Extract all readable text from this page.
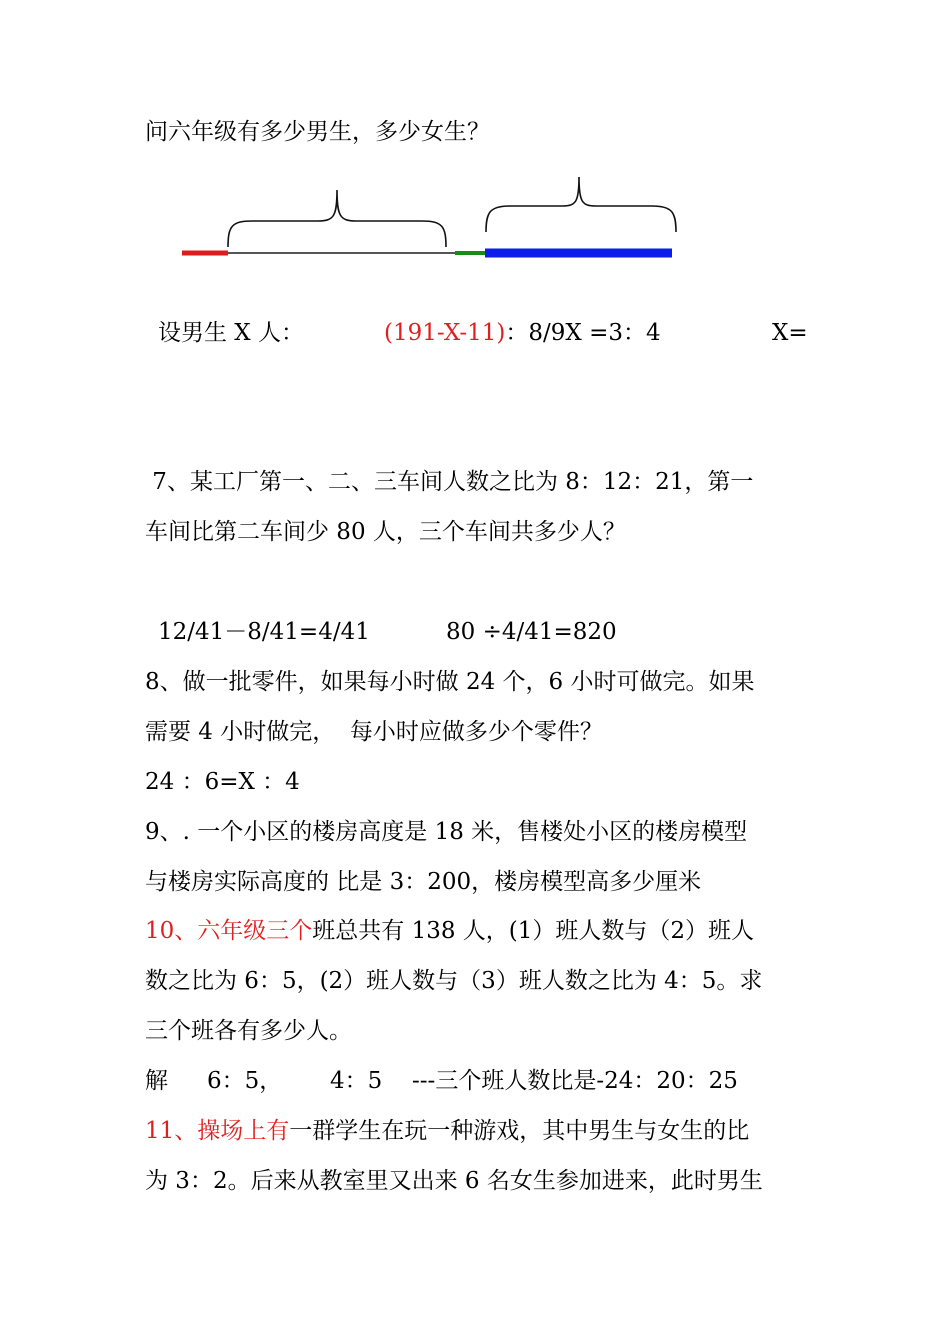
问六年级有多少男生，多少女生？
设男生 X 人：	(191-X-11)：8/9X =3：4	X=
7、某工厂第一、二、三车间人数之比为 8：12：21，第一
车间比第二车间少 80 人，三个车间共多少人？
12/41－8/41=4/41	80 ÷4/41=820
8、做一批零件，如果每小时做 24 个，6 小时可做完。如果
需要 4 小时做完，  每小时应做多少个零件？
24 ：6=X ：4
9、. 一个小区的楼房高度是 18 米，售楼处小区的楼房模型
与楼房实际高度的 比是 3：200，楼房模型高多少厘米
10、六年级三个班总共有 138 人，(1）班人数与（2）班人
数之比为 6：5，(2）班人数与（3）班人数之比为 4：5。求
三个班各有多少人。
解 6：5， 4：5 ---三个班人数比是-24：20：25
11、操场上有一群学生在玩一种游戏，其中男生与女生的比
为 3：2。后来从教室里又出来 6 名女生参加进来，此时男生
